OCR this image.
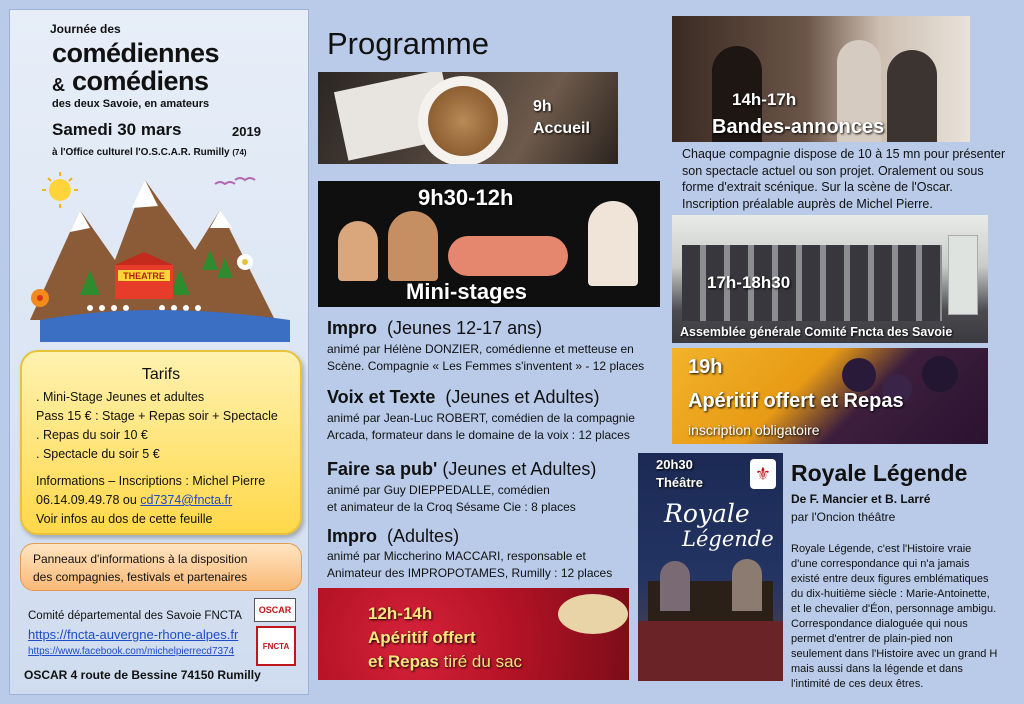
Journée des
comédiennes
& comédiens
des deux Savoie, en amateurs
Samedi 30 mars	2019
à l'Office culturel l'O.S.C.A.R. Rumilly (74)
THEATRE
Tarifs
. Mini-Stage Jeunes et adultes
Pass 15 € : Stage + Repas soir + Spectacle
. Repas du soir 10 €
. Spectacle du soir 5 €
Informations – Inscriptions : Michel Pierre
06.14.09.49.78 ou cd7374@fncta.fr
Voir infos au dos de cette feuille
Panneaux d'informations à la disposition
des compagnies, festivals et partenaires
Comité départemental des Savoie FNCTA
https://fncta-auvergne-rhone-alpes.fr
https://www.facebook.com/michelpierrecd7374
OSCAR 4 route de Bessine 74150 Rumilly
OSCAR
FNCTA
Programme
9h
Accueil
9h30-12h
Mini-stages
Impro (Jeunes 12-17 ans)
animé par Hélène DONZIER, comédienne et metteuse en
Scène. Compagnie « Les Femmes s'inventent » - 12 places
Voix et Texte (Jeunes et Adultes)
animé par Jean-Luc ROBERT, comédien de la compagnie
Arcada, formateur dans le domaine de la voix : 12 places
Faire sa pub' (Jeunes et Adultes)
animé par Guy DIEPPEDALLE, comédien
et animateur de la Croq Sésame Cie : 8 places
Impro (Adultes)
animé par Miccherino MACCARI, responsable et
Animateur des IMPROPOTAMES, Rumilly : 12 places
12h-14h
Apéritif offert
et Repas tiré du sac
14h-17h
Bandes-annonces
Chaque compagnie dispose de 10 à 15 mn pour présenter
son spectacle actuel ou son projet. Oralement ou sous
forme d'extrait scénique. Sur la scène de l'Oscar.
Inscription préalable auprès de Michel Pierre.
17h-18h30
Assemblée générale Comité Fncta des Savoie
19h
Apéritif offert et Repas
inscription obligatoire
20h30
Théâtre	⚜
Royale
Légende
Royale Légende
De F. Mancier et B. Larré
par l'Oncion théâtre
Royale Légende, c'est l'Histoire vraie
d'une correspondance qui n'a jamais
existé entre deux figures emblématiques
du dix-huitième siècle : Marie-Antoinette,
et le chevalier d'Éon, personnage ambigu.
Correspondance dialoguée qui nous
permet d'entrer de plain-pied non
seulement dans l'Histoire avec un grand H
mais aussi dans la légende et dans
l'intimité de ces deux êtres.
